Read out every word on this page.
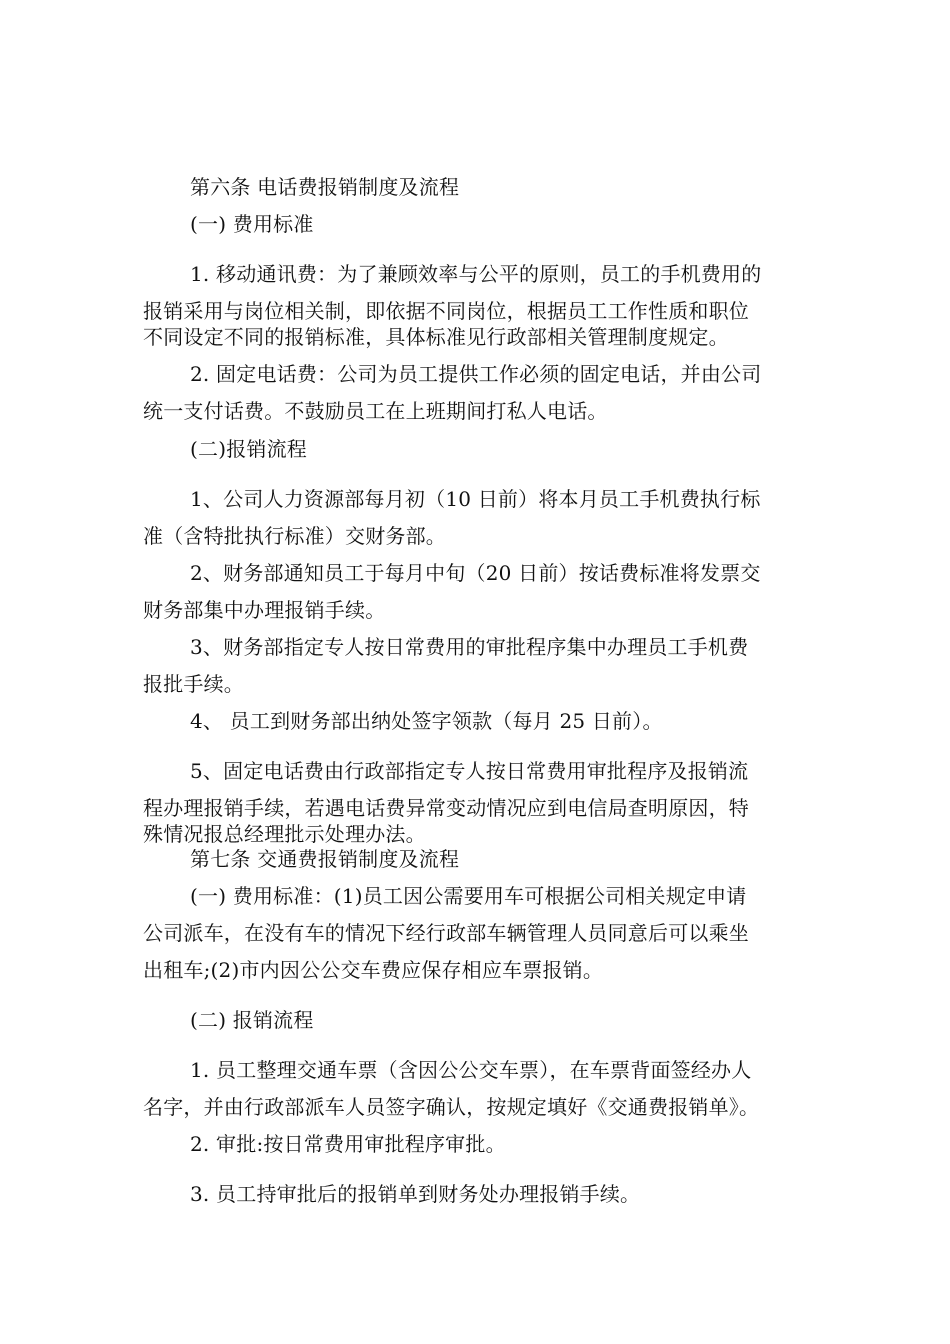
第六条 电话费报销制度及流程
(一) 费用标准
1. 移动通讯费：为了兼顾效率与公平的原则，员工的手机费用的
报销采用与岗位相关制，即依据不同岗位，根据员工工作性质和职位
不同设定不同的报销标准，具体标准见行政部相关管理制度规定。
2. 固定电话费：公司为员工提供工作必须的固定电话，并由公司
统一支付话费。不鼓励员工在上班期间打私人电话。
(二)报销流程
1、公司人力资源部每月初（10 日前）将本月员工手机费执行标
准（含特批执行标准）交财务部。
2、财务部通知员工于每月中旬（20 日前）按话费标准将发票交
财务部集中办理报销手续。
3、财务部指定专人按日常费用的审批程序集中办理员工手机费
报批手续。
4、 员工到财务部出纳处签字领款（每月 25 日前）。
5、固定电话费由行政部指定专人按日常费用审批程序及报销流
程办理报销手续，若遇电话费异常变动情况应到电信局查明原因，特
殊情况报总经理批示处理办法。
第七条 交通费报销制度及流程
(一) 费用标准：(1)员工因公需要用车可根据公司相关规定申请
公司派车，在没有车的情况下经行政部车辆管理人员同意后可以乘坐
出租车;(2)市内因公公交车费应保存相应车票报销。
(二) 报销流程
1. 员工整理交通车票（含因公公交车票），在车票背面签经办人
名字，并由行政部派车人员签字确认，按规定填好《交通费报销单》。
2. 审批:按日常费用审批程序审批。
3. 员工持审批后的报销单到财务处办理报销手续。
